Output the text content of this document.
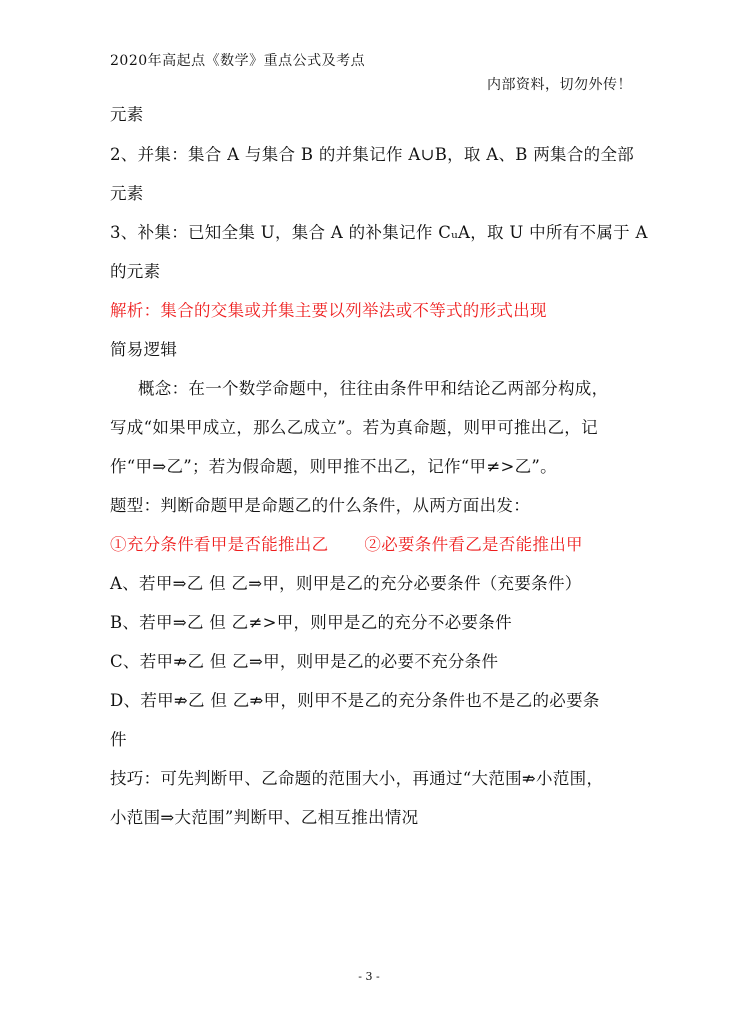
2020年高起点《数学》重点公式及考点
内部资料，切勿外传！
元素
2、并集：集合 A 与集合 B 的并集记作 A∪B，取 A、B 两集合的全部
元素
3、补集：已知全集 U，集合 A 的补集记作 CᵤA，取 U 中所有不属于 A
的元素
解析：集合的交集或并集主要以列举法或不等式的形式出现
简易逻辑
概念：在一个数学命题中，往往由条件甲和结论乙两部分构成，
写成“如果甲成立，那么乙成立”。若为真命题，则甲可推出乙，记
作“甲⇒乙”；若为假命题，则甲推不出乙，记作“甲≠>乙”。
题型：判断命题甲是命题乙的什么条件，从两方面出发：
①充分条件看甲是否能推出乙 ②必要条件看乙是否能推出甲
A、若甲⇒乙 但 乙⇒甲，则甲是乙的充分必要条件（充要条件）
B、若甲⇒乙 但 乙≠>甲，则甲是乙的充分不必要条件
C、若甲⇏乙 但 乙⇒甲，则甲是乙的必要不充分条件
D、若甲⇏乙 但 乙⇏甲，则甲不是乙的充分条件也不是乙的必要条
件
技巧：可先判断甲、乙命题的范围大小，再通过“大范围⇏小范围，
小范围⇒大范围”判断甲、乙相互推出情况
- 3 -
